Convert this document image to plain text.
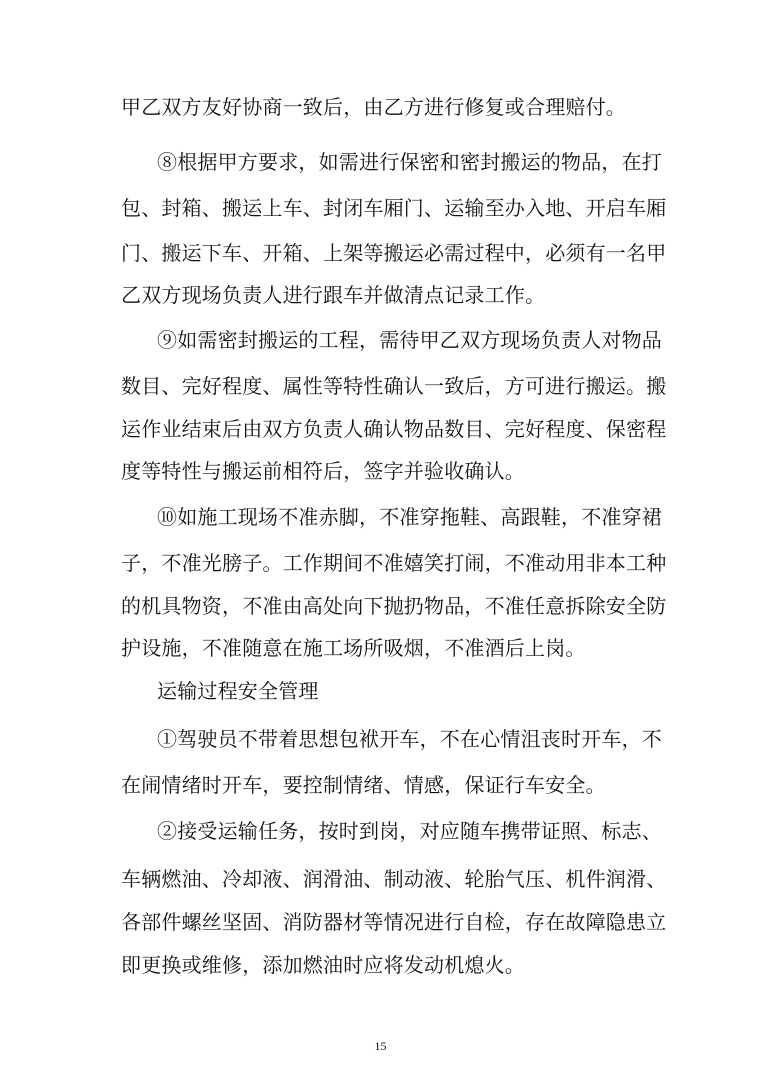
甲乙双方友好协商一致后，由乙方进行修复或合理赔付。
⑧根据甲方要求，如需进行保密和密封搬运的物品，在打
包、封箱、搬运上车、封闭车厢门、运输至办入地、开启车厢
门、搬运下车、开箱、上架等搬运必需过程中，必须有一名甲
乙双方现场负责人进行跟车并做清点记录工作。
⑨如需密封搬运的工程，需待甲乙双方现场负责人对物品
数目、完好程度、属性等特性确认一致后，方可进行搬运。搬
运作业结束后由双方负责人确认物品数目、完好程度、保密程
度等特性与搬运前相符后，签字并验收确认。
⑩如施工现场不准赤脚，不准穿拖鞋、高跟鞋，不准穿裙
子，不准光膀子。工作期间不准嬉笑打闹，不准动用非本工种
的机具物资，不准由高处向下抛扔物品，不准任意拆除安全防
护设施，不准随意在施工场所吸烟，不准酒后上岗。
运输过程安全管理
①驾驶员不带着思想包袱开车，不在心情沮丧时开车，不
在闹情绪时开车，要控制情绪、情感，保证行车安全。
②接受运输任务，按时到岗，对应随车携带证照、标志、
车辆燃油、冷却液、润滑油、制动液、轮胎气压、机件润滑、
各部件螺丝坚固、消防器材等情况进行自检，存在故障隐患立
即更换或维修，添加燃油时应将发动机熄火。
15
